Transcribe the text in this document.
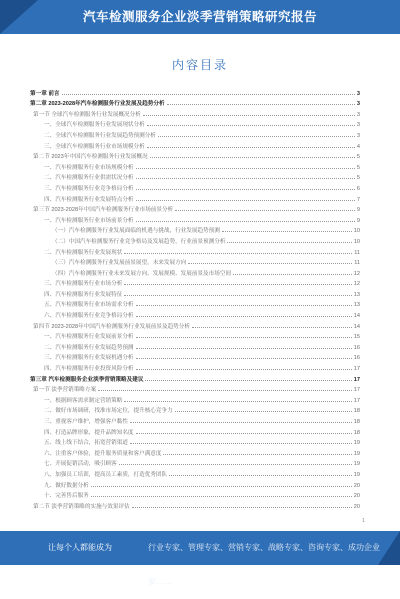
汽车检测服务企业淡季营销策略研究报告
内容目录
第一章 前言	3
第二章 2023-2028年汽车检测服务行业发展及趋势分析	3
第一节 全球汽车检测服务行业发展概况分析	3
一、全球汽车检测服务行业发展现状分析	3
二、全球汽车检测服务行业发展趋势预测分析	3
三、全球汽车检测服务行业市场规模分析	4
第二节 2023年中国汽车检测服务行业发展概况	5
一、汽车检测服务行业市场规模分析	5
二、汽车检测服务行业供需状况分析	5
三、汽车检测服务行业竞争格局分析	6
四、汽车检测服务行业发展特点分析	7
第三节 2023-2028年中国汽车检测服务行业市场前景分析	9
一、汽车检测服务行业市场前景分析	9
（一）汽车检测服务行业发展面临的机遇与挑战，行业发展趋势预测	10
（二）中国汽车检测服务行业竞争格局及发展趋势，行业前景预测分析	10
二、汽车检测服务行业发展现状	11
（三）汽车检测服务行业发展前景展望，未来发展方向	11
（四）汽车检测服务行业未来发展方向、发展规模、发展前景及市场空间	12
三、汽车检测服务行业市场分析	12
四、汽车检测服务行业发展特征	13
五、汽车检测服务行业市场需求分析	13
六、汽车检测服务行业竞争格局分析	14
第四节 2023-2028年中国汽车检测服务行业发展前景及趋势分析	14
一、汽车检测服务行业发展前景分析	15
二、汽车检测服务行业发展趋势预测	16
三、汽车检测服务行业发展机遇分析	16
四、汽车检测服务行业投资风险分析	17
第三章 汽车检测服务企业淡季营销策略及建议	17
第一节 淡季营销策略方案	17
一、根据顾客需求制定营销策略	17
二、做好市场调研，找准市场定位，提升核心竞争力	18
三、重视客户维护，增强客户黏性	18
四、打造品牌形象，提升品牌知名度	18
五、线上线下结合，拓宽营销渠道	19
六、注重客户体验，提升服务质量和客户满意度	19
七、开展促销活动，吸引顾客	19
八、加强员工培训，提高员工素质，打造优秀团队	19
九、做好数据分析	20
十、完善售后服务	20
第二节 淡季营销策略的实施与效果评估	20
1
让每个人都能成为	行业专家、管理专家、营销专家、战略专家、咨询专家、成功企业家……
